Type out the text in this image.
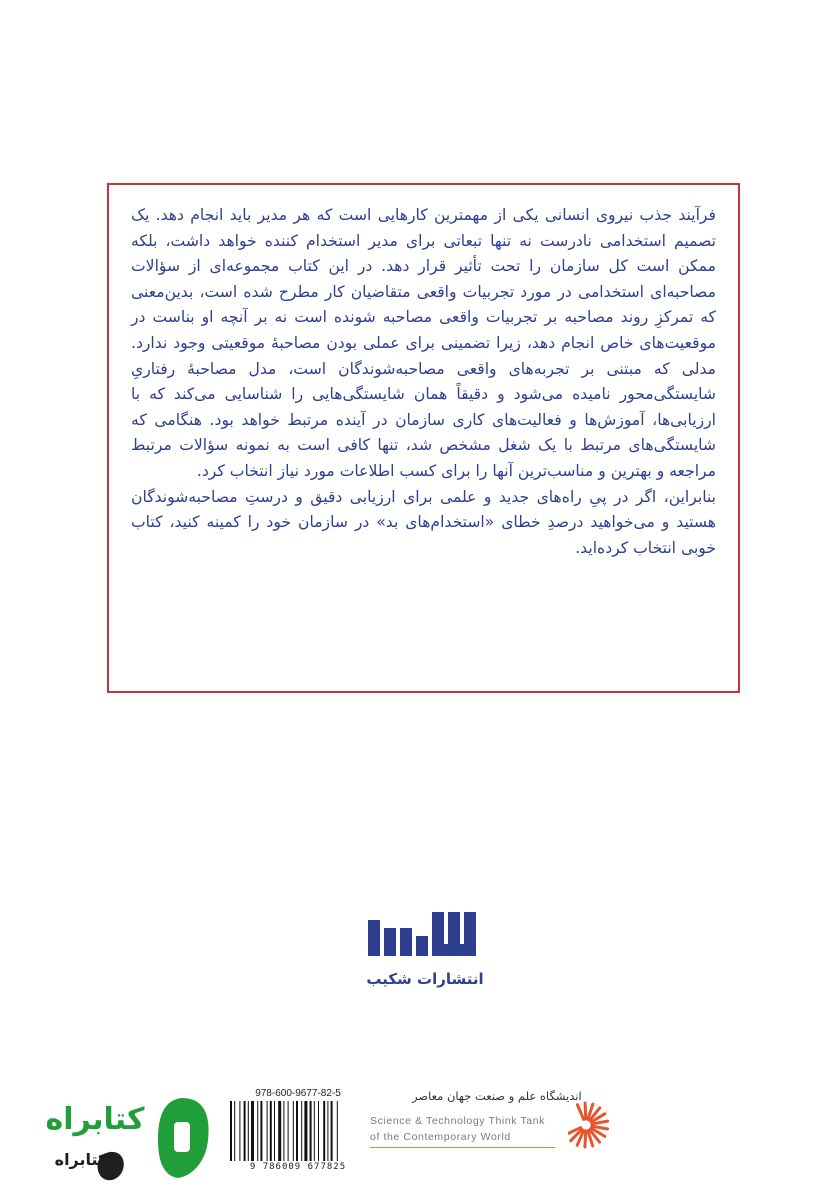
فرآیند جذب نیروی انسانی یکی از مهمترین کارهایی است که هر مدیر باید انجام دهد. یک تصمیم استخدامی نادرست نه تنها تبعاتی برای مدیر استخدام کننده خواهد داشت، بلکه ممکن است کل سازمان را تحت تأثیر قرار دهد. در این کتاب مجموعه‌ای از سؤالات مصاحبه‌ای استخدامی در مورد تجربیات واقعی متقاضیان کار مطرح شده است، بدین‌معنی که تمرکزِ روند مصاحبه بر تجربیات واقعی مصاحبه شونده است نه بر آنچه او بناست در موقعیت‌های خاص انجام دهد، زیرا تضمینی برای عملی بودن مصاحبهٔ موقعیتی وجود ندارد. مدلی که مبتنی بر تجربه‌های واقعی مصاحبه‌شوندگان است، مدل مصاحبهٔ رفتاریِ شایستگی‌محور نامیده می‌شود و دقیقاً همان شایستگی‌هایی را شناسایی می‌کند که با ارزیابی‌ها، آموزش‌ها و فعالیت‌های کاری سازمان در آینده مرتبط خواهد بود. هنگامی که شایستگی‌های مرتبط با یک شغل مشخص شد، تنها کافی است به نمونه سؤالات مرتبط مراجعه و بهترین و مناسب‌ترین آنها را برای کسب اطلاعات مورد نیاز انتخاب کرد.

بنابراین، اگر در پیِ راه‌های جدید و علمی برای ارزیابی دقیق و درستِ مصاحبه‌شوندگان هستید و می‌خواهید درصدِ خطای «استخدام‌های بد» در سازمان خود را کمینه کنید، کتاب خوبی انتخاب کرده‌اید.

انتشارات شکیب
978-600-9677-82-5
9 786009 677825
اندیشگاه علم و صنعت جهان معاصر
Science & Technology Think Tank
of the Contemporary World
کتابراه
کتابراه
